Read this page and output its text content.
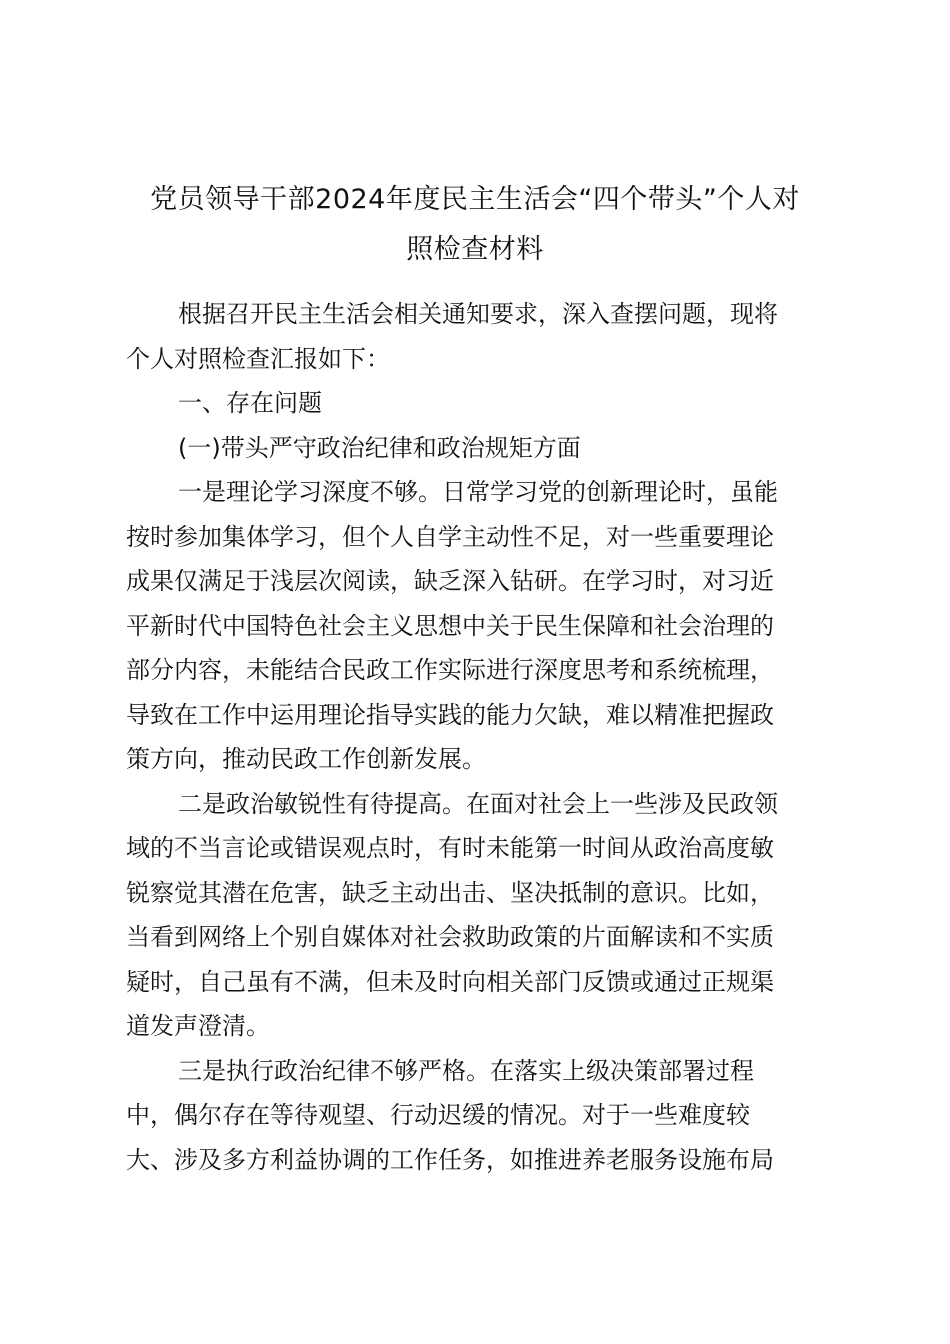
党员领导干部2024年度民主生活会“四个带头”个人对
照检查材料
根据召开民主生活会相关通知要求，深入查摆问题，现将
个人对照检查汇报如下：
一、存在问题
(一)带头严守政治纪律和政治规矩方面
一是理论学习深度不够。日常学习党的创新理论时，虽能
按时参加集体学习，但个人自学主动性不足，对一些重要理论
成果仅满足于浅层次阅读，缺乏深入钻研。在学习时，对习近
平新时代中国特色社会主义思想中关于民生保障和社会治理的
部分内容，未能结合民政工作实际进行深度思考和系统梳理，
导致在工作中运用理论指导实践的能力欠缺，难以精准把握政
策方向，推动民政工作创新发展。
二是政治敏锐性有待提高。在面对社会上一些涉及民政领
域的不当言论或错误观点时，有时未能第一时间从政治高度敏
锐察觉其潜在危害，缺乏主动出击、坚决抵制的意识。比如，
当看到网络上个别自媒体对社会救助政策的片面解读和不实质
疑时，自己虽有不满，但未及时向相关部门反馈或通过正规渠
道发声澄清。
三是执行政治纪律不够严格。在落实上级决策部署过程
中，偶尔存在等待观望、行动迟缓的情况。对于一些难度较
大、涉及多方利益协调的工作任务，如推进养老服务设施布局
